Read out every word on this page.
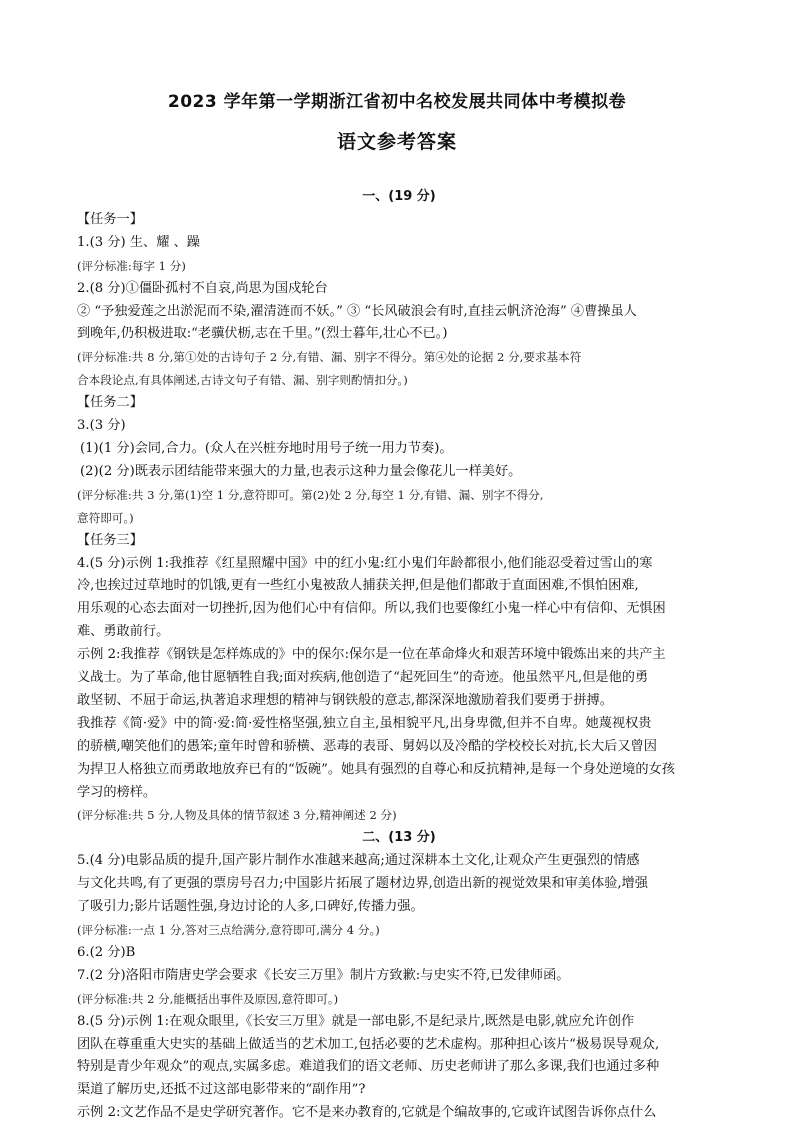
2023 学年第一学期浙江省初中名校发展共同体中考模拟卷
语文参考答案

一、(19 分)

【任务一】

1.(3 分) 生、耀 、躁

(评分标准:每字 1 分)

2.(8 分)①僵卧孤村不自哀,尚思为国戍轮台

② “予独爱莲之出淤泥而不染,濯清涟而不妖。” ③ “长风破浪会有时,直挂云帆济沧海” ④曹操虽人

到晚年,仍积极进取:“老骥伏枥,志在千里。”(烈士暮年,壮心不已。)

(评分标准:共 8 分,第①处的古诗句子 2 分,有错、漏、别字不得分。第④处的论据 2 分,要求基本符

合本段论点,有具体阐述,古诗文句子有错、漏、别字则酌情扣分。)

【任务二】

3.(3 分)

(1)(1 分)会同,合力。(众人在兴桩夯地时用号子统一用力节奏)。

(2)(2 分)既表示团结能带来强大的力量,也表示这种力量会像花儿一样美好。

(评分标准:共 3 分,第(1)空 1 分,意符即可。第(2)处 2 分,每空 1 分,有错、漏、别字不得分,

意符即可。)

【任务三】

4.(5 分)示例 1:我推荐《红星照耀中国》中的红小鬼:红小鬼们年龄都很小,他们能忍受着过雪山的寒

冷,也挨过过草地时的饥饿,更有一些红小鬼被敌人捕获关押,但是他们都敢于直面困难,不惧怕困难,

用乐观的心态去面对一切挫折,因为他们心中有信仰。所以,我们也要像红小鬼一样心中有信仰、无惧困

难、勇敢前行。

示例 2:我推荐《钢铁是怎样炼成的》中的保尔:保尔是一位在革命烽火和艰苦环境中锻炼出来的共产主

义战士。为了革命,他甘愿牺牲自我;面对疾病,他创造了“起死回生”的奇迹。他虽然平凡,但是他的勇

敢坚韧、不屈于命运,执著追求理想的精神与钢铁般的意志,都深深地激励着我们要勇于拼搏。

我推荐《简·爱》中的简·爱:简·爱性格坚强,独立自主,虽相貌平凡,出身卑微,但并不自卑。她蔑视权贵

的骄横,嘲笑他们的愚笨;童年时曾和骄横、恶毒的表哥、舅妈以及冷酷的学校校长对抗,长大后又曾因

为捍卫人格独立而勇敢地放弃已有的“饭碗”。她具有强烈的自尊心和反抗精神,是每一个身处逆境的女孩

学习的榜样。

(评分标准:共 5 分,人物及具体的情节叙述 3 分,精神阐述 2 分)

二、(13 分)

5.(4 分)电影品质的提升,国产影片制作水准越来越高;通过深耕本土文化,让观众产生更强烈的情感

与文化共鸣,有了更强的票房号召力;中国影片拓展了题材边界,创造出新的视觉效果和审美体验,增强

了吸引力;影片话题性强,身边讨论的人多,口碑好,传播力强。

(评分标准:一点 1 分,答对三点给满分,意符即可,满分 4 分。)

6.(2 分)B

7.(2 分)洛阳市隋唐史学会要求《长安三万里》制片方致歉:与史实不符,已发律师函。

(评分标准:共 2 分,能概括出事件及原因,意符即可。)

8.(5 分)示例 1:在观众眼里,《长安三万里》就是一部电影,不是纪录片,既然是电影,就应允许创作

团队在尊重重大史实的基础上做适当的艺术加工,包括必要的艺术虚构。那种担心该片“极易误导观众,

特别是青少年观众”的观点,实属多虑。难道我们的语文老师、历史老师讲了那么多课,我们也通过多种

渠道了解历史,还抵不过这部电影带来的“副作用”?

示例 2:文艺作品不是史学研究著作。它不是来办教育的,它就是个编故事的,它或许试图告诉你点什么
